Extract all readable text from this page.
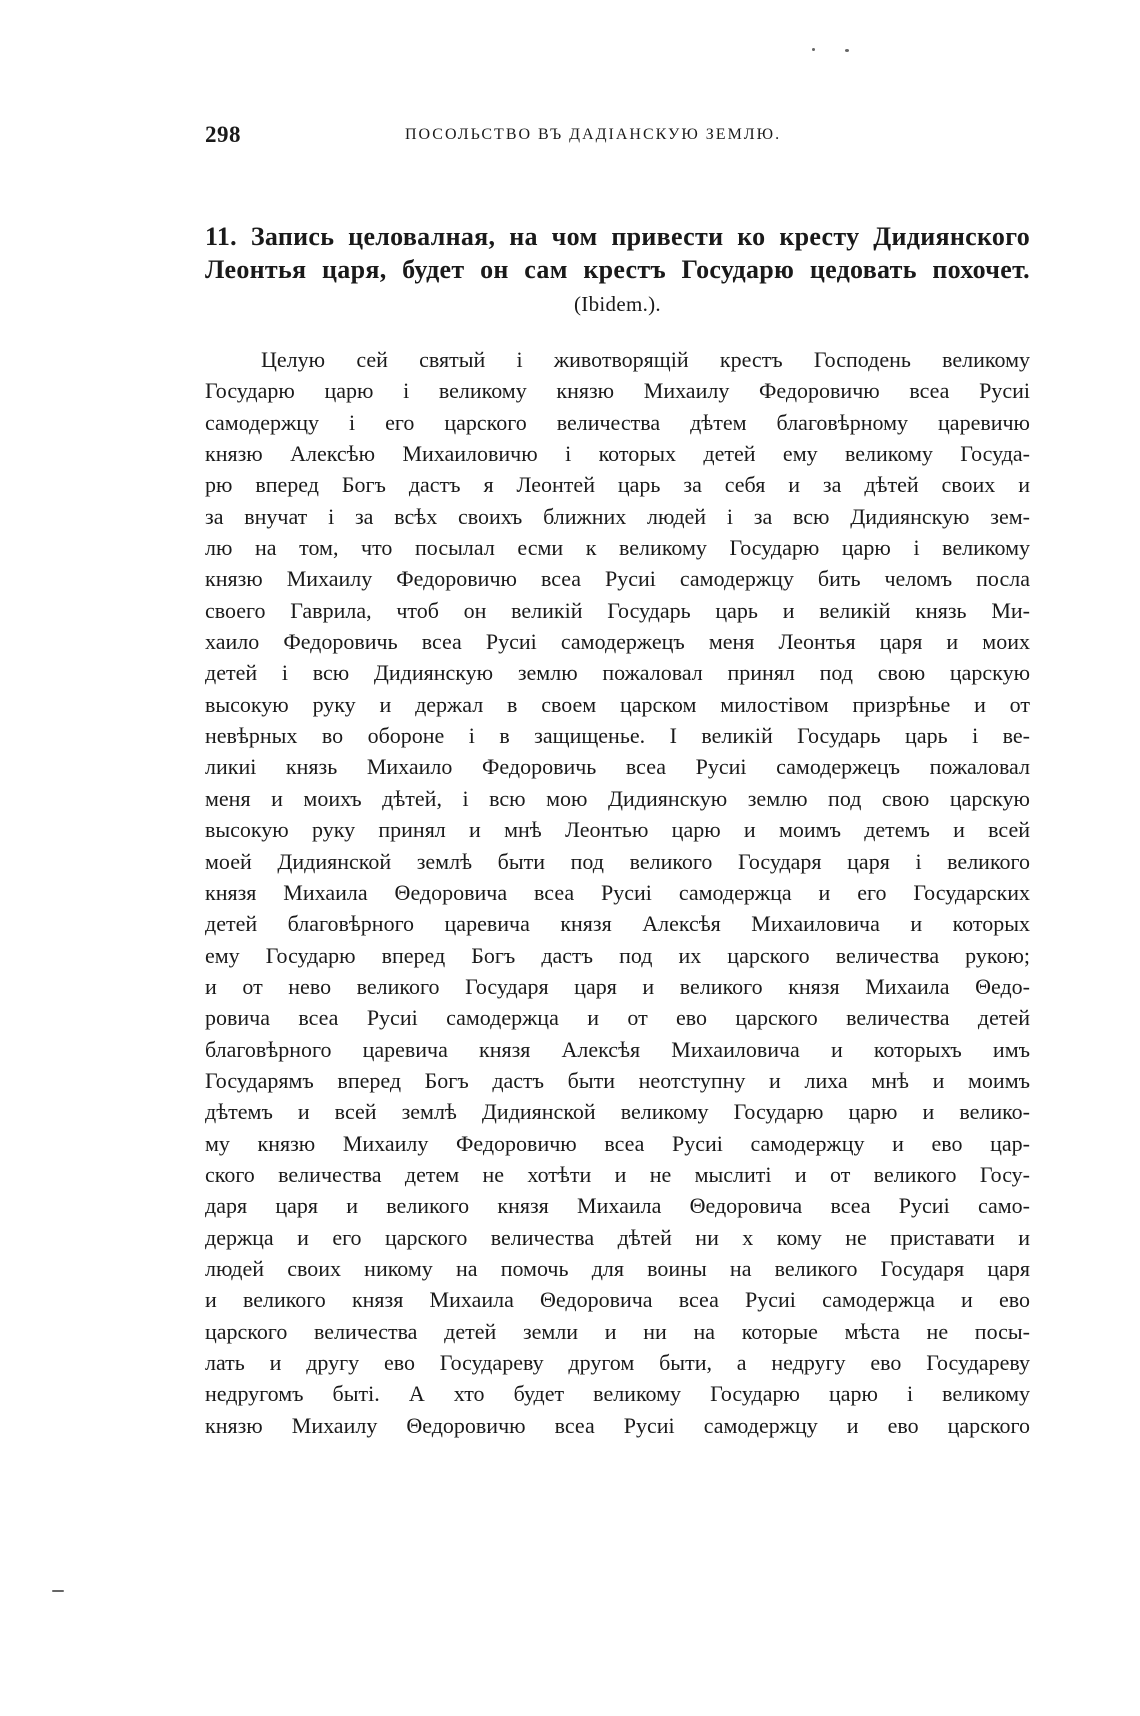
298	ПОСОЛЬСТВО ВЪ ДАДІАНСКУЮ ЗЕМЛЮ.
11. Запись целовалная, на чом привести ко кресту Дидиянского Леонтья царя, будет он сам крестъ Государю цедовать похочет. (Ibidem.).
Целую сей святый і животворящій крестъ Господень великому
Государю царю і великому князю Михаилу Федоровичю всеа Русиі
самодержцу і его царского величества дѣтем благовѣрному царевичю
князю Алексѣю Михаиловичю і которых детей ему великому Госуда-
рю вперед Богъ дастъ я Леонтей царь за себя и за дѣтей своих и
за внучат і за всѣх своихъ ближних людей і за всю Дидиянскую зем-
лю на том, что посылал есми к великому Государю царю і великому
князю Михаилу Федоровичю всеа Русиі самодержцу бить челомъ посла
своего Гаврила, чтоб он великій Государь царь и великій князь Ми-
хаило Федоровичь всеа Русиі самодержецъ меня Леонтья царя и моих
детей і всю Дидиянскую землю пожаловал принял под свою царскую
высокую руку и держал в своем царском милостівом призрѣнье и от
невѣрных во обороне і в защищенье. І великій Государь царь і ве-
ликиі князь Михаило Федоровичь всеа Русиі самодержецъ пожаловал
меня и моихъ дѣтей, і всю мою Дидиянскую землю под свою царскую
высокую руку принял и мнѣ Леонтью царю и моимъ детемъ и всей
моей Дидиянской землѣ быти под великого Государя царя і великого
князя Михаила Θедоровича всеа Русиі самодержца и его Государских
детей благовѣрного царевича князя Алексѣя Михаиловича и которых
ему Государю вперед Богъ дастъ под их царского величества рукою;
и от нево великого Государя царя и великого князя Михаила Θедо-
ровича всеа Русиі самодержца и от ево царского величества детей
благовѣрного царевича князя Алексѣя Михаиловича и которыхъ имъ
Государямъ вперед Богъ дастъ быти неотступну и лиха мнѣ и моимъ
дѣтемъ и всей землѣ Дидиянской великому Государю царю и велико-
му князю Михаилу Федоровичю всеа Русиі самодержцу и ево цар-
ского величества детем не хотѣти и не мыслиті и от великого Госу-
даря царя и великого князя Михаила Θедоровича всеа Русиі само-
держца и его царского величества дѣтей ни х кому не приставати и
людей своих никому на помочь для воины на великого Государя царя
и великого князя Михаила Θедоровича всеа Русиі самодержца и ево
царского величества детей земли и ни на которые мѣста не посы-
лать и другу ево Государеву другом быти, а недругу ево Государеву
недругомъ быті. А хто будет великому Государю царю і великому
князю Михаилу Θедоровичю всеа Русиі самодержцу и ево царского
